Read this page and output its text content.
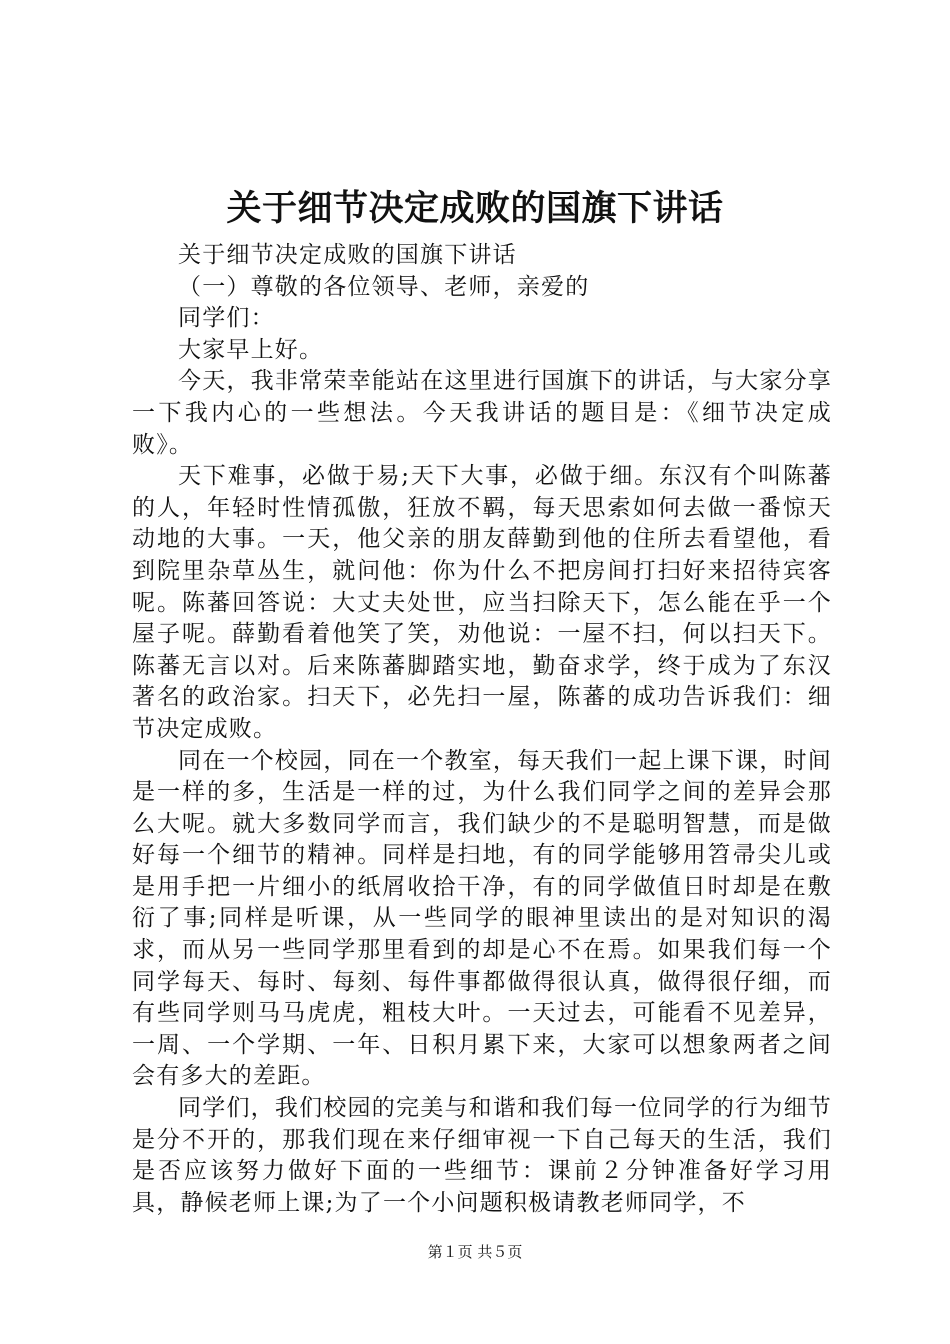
关于细节决定成败的国旗下讲话

关于细节决定成败的国旗下讲话

（一）尊敬的各位领导、老师，亲爱的

同学们：

大家早上好。

今天，我非常荣幸能站在这里进行国旗下的讲话，与大家分享一下我内心的一些想法。今天我讲话的题目是：《细节决定成败》。

天下难事，必做于易;天下大事，必做于细。东汉有个叫陈蕃的人，年轻时性情孤傲，狂放不羁，每天思索如何去做一番惊天动地的大事。一天，他父亲的朋友薛勤到他的住所去看望他，看到院里杂草丛生，就问他：你为什么不把房间打扫好来招待宾客呢。陈蕃回答说：大丈夫处世，应当扫除天下，怎么能在乎一个屋子呢。薛勤看着他笑了笑，劝他说：一屋不扫，何以扫天下。陈蕃无言以对。后来陈蕃脚踏实地，勤奋求学，终于成为了东汉著名的政治家。扫天下，必先扫一屋，陈蕃的成功告诉我们：细节决定成败。

同在一个校园，同在一个教室，每天我们一起上课下课，时间是一样的多，生活是一样的过，为什么我们同学之间的差异会那么大呢。就大多数同学而言，我们缺少的不是聪明智慧，而是做好每一个细节的精神。同样是扫地，有的同学能够用笤帚尖儿或是用手把一片细小的纸屑收拾干净，有的同学做值日时却是在敷衍了事;同样是听课，从一些同学的眼神里读出的是对知识的渴求，而从另一些同学那里看到的却是心不在焉。如果我们每一个同学每天、每时、每刻、每件事都做得很认真，做得很仔细，而有些同学则马马虎虎，粗枝大叶。一天过去，可能看不见差异，一周、一个学期、一年、日积月累下来，大家可以想象两者之间会有多大的差距。

同学们，我们校园的完美与和谐和我们每一位同学的行为细节是分不开的，那我们现在来仔细审视一下自己每天的生活，我们是否应该努力做好下面的一些细节：课前２分钟准备好学习用具，静候老师上课;为了一个小问题积极请教老师同学，不

第１页 共５页
